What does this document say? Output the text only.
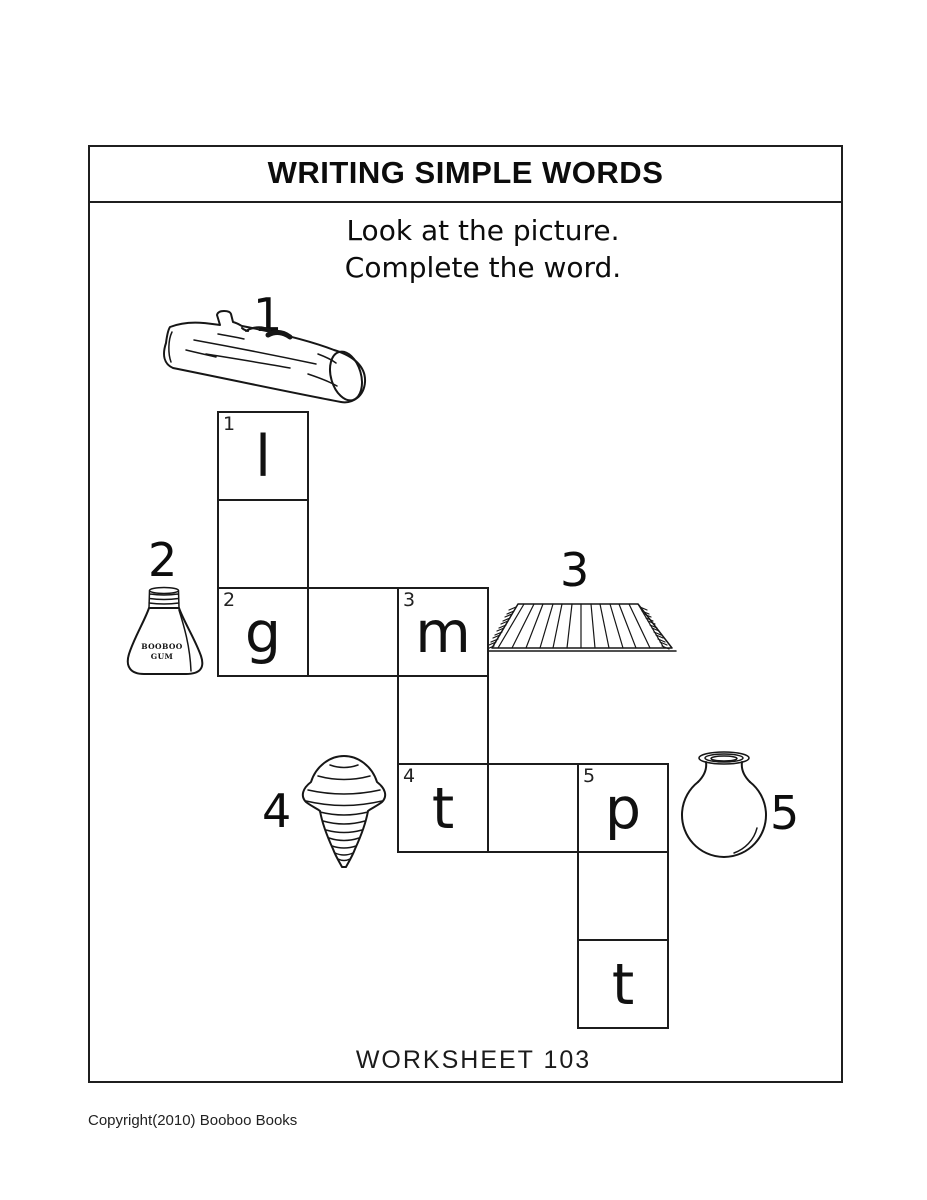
WRITING SIMPLE WORDS
Look at the picture.
Complete the word.
1
2	3
4	5
BOOBOO
GUM
1 l
2 g	3 m
4 t	5 p
t
WORKSHEET 103
Copyright(2010) Booboo Books
